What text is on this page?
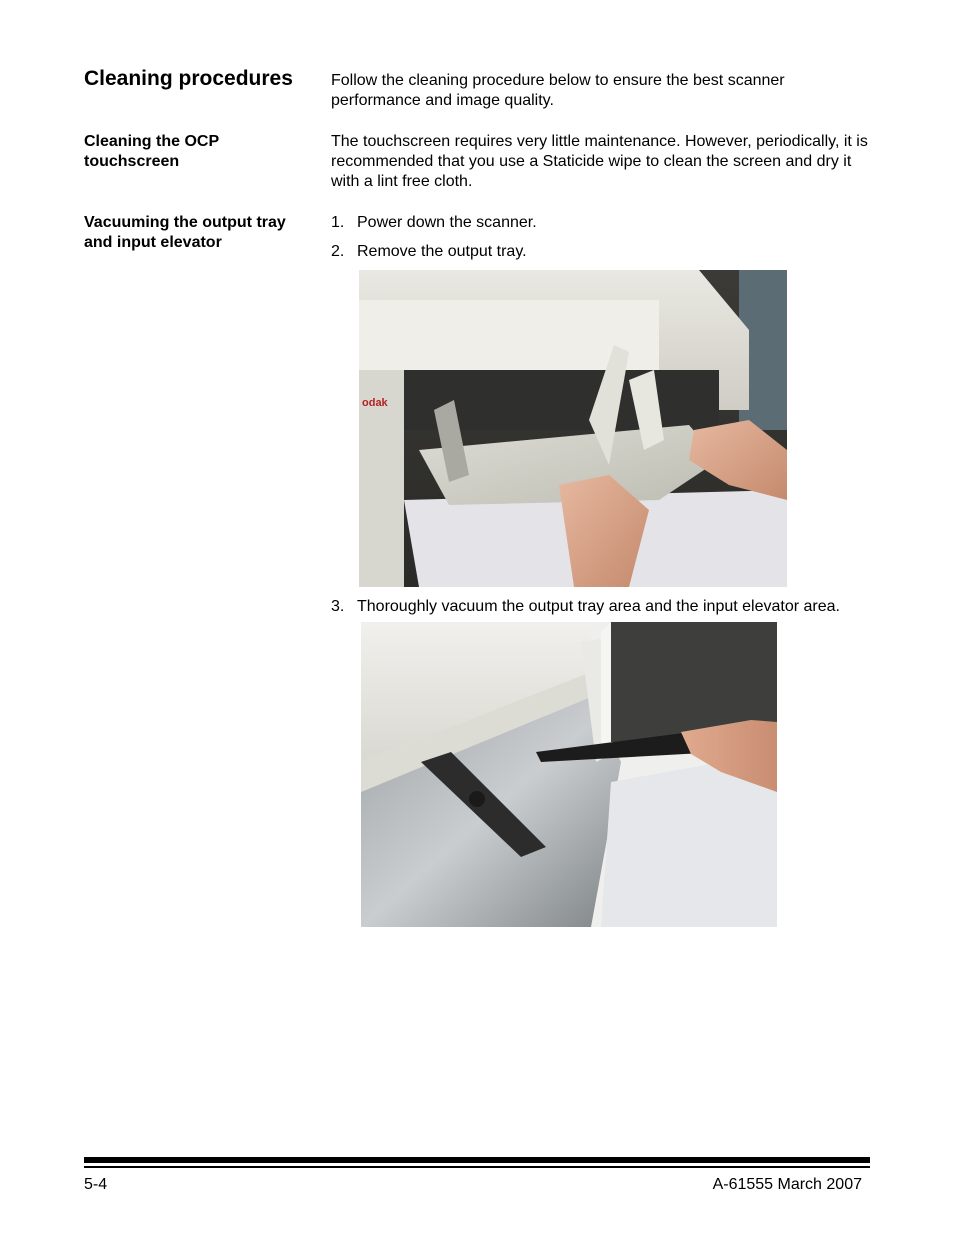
Cleaning procedures Follow the cleaning procedure below to ensure the best scanner performance and image quality.
Cleaning the OCP
touchscreen
The touchscreen requires very little maintenance. However, periodically, it is recommended that you use a Staticide wipe to clean the screen and dry it with a lint free cloth.
Vacuuming the output tray
and input elevator
1. Power down the scanner.
2. Remove the output tray.
odak
3. Thoroughly vacuum the output tray area and the input elevator area.
5-4	A-61555 March 2007
